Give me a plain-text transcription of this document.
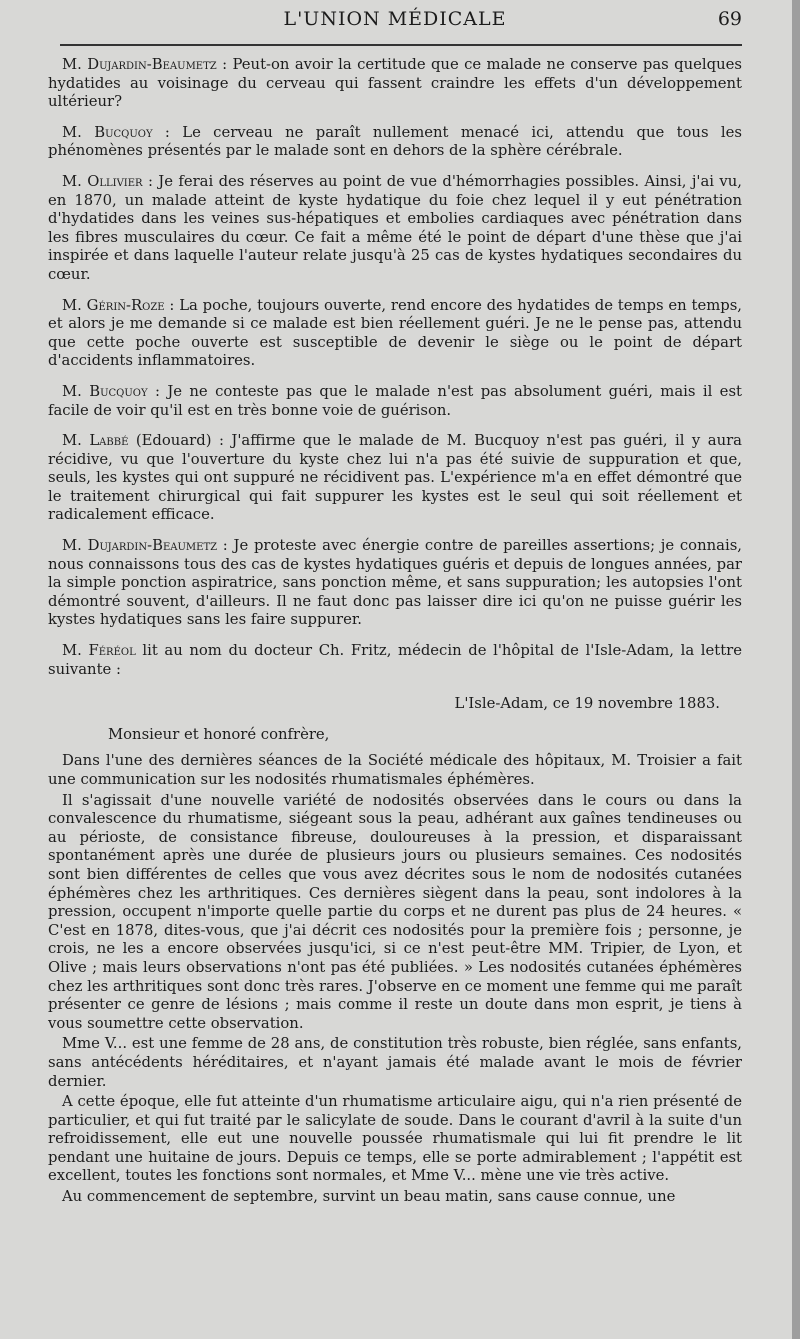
L'UNION MÉDICALE	69

M. Dujardin-Beaumetz : Peut-on avoir la certitude que ce malade ne conserve pas quelques hydatides au voisinage du cerveau qui fassent craindre les effets d'un développement ultérieur?

M. Bucquoy : Le cerveau ne paraît nullement menacé ici, attendu que tous les phénomènes présentés par le malade sont en dehors de la sphère cérébrale.

M. Ollivier : Je ferai des réserves au point de vue d'hémorrhagies possibles. Ainsi, j'ai vu, en 1870, un malade atteint de kyste hydatique du foie chez lequel il y eut pénétration d'hydatides dans les veines sus-hépatiques et embolies cardiaques avec pénétration dans les fibres musculaires du cœur. Ce fait a même été le point de départ d'une thèse que j'ai inspirée et dans laquelle l'auteur relate jusqu'à 25 cas de kystes hydatiques secondaires du cœur.

M. Gérin-Roze : La poche, toujours ouverte, rend encore des hydatides de temps en temps, et alors je me demande si ce malade est bien réellement guéri. Je ne le pense pas, attendu que cette poche ouverte est susceptible de devenir le siège ou le point de départ d'accidents inflammatoires.

M. Bucquoy : Je ne conteste pas que le malade n'est pas absolument guéri, mais il est facile de voir qu'il est en très bonne voie de guérison.

M. Labbé (Edouard) : J'affirme que le malade de M. Bucquoy n'est pas guéri, il y aura récidive, vu que l'ouverture du kyste chez lui n'a pas été suivie de suppuration et que, seuls, les kystes qui ont suppuré ne récidivent pas. L'expérience m'a en effet démontré que le traitement chirurgical qui fait suppurer les kystes est le seul qui soit réellement et radicalement efficace.

M. Dujardin-Beaumetz : Je proteste avec énergie contre de pareilles assertions; je connais, nous connaissons tous des cas de kystes hydatiques guéris et depuis de longues années, par la simple ponction aspiratrice, sans ponction même, et sans suppuration; les autopsies l'ont démontré souvent, d'ailleurs. Il ne faut donc pas laisser dire ici qu'on ne puisse guérir les kystes hydatiques sans les faire suppurer.

M. Féréol lit au nom du docteur Ch. Fritz, médecin de l'hôpital de l'Isle-Adam, la lettre suivante :

L'Isle-Adam, ce 19 novembre 1883.

Monsieur et honoré confrère,

Dans l'une des dernières séances de la Société médicale des hôpitaux, M. Troisier a fait une communication sur les nodosités rhumatismales éphémères.

Il s'agissait d'une nouvelle variété de nodosités observées dans le cours ou dans la convalescence du rhumatisme, siégeant sous la peau, adhérant aux gaînes tendineuses ou au périoste, de consistance fibreuse, douloureuses à la pression, et disparaissant spontanément après une durée de plusieurs jours ou plusieurs semaines. Ces nodosités sont bien différentes de celles que vous avez décrites sous le nom de nodosités cutanées éphémères chez les arthritiques. Ces dernières siègent dans la peau, sont indolores à la pression, occupent n'importe quelle partie du corps et ne durent pas plus de 24 heures. « C'est en 1878, dites-vous, que j'ai décrit ces nodosités pour la première fois ; personne, je crois, ne les a encore observées jusqu'ici, si ce n'est peut-être MM. Tripier, de Lyon, et Olive ; mais leurs observations n'ont pas été publiées. » Les nodosités cutanées éphémères chez les arthritiques sont donc très rares. J'observe en ce moment une femme qui me paraît présenter ce genre de lésions ; mais comme il reste un doute dans mon esprit, je tiens à vous soumettre cette observation.

Mme V... est une femme de 28 ans, de constitution très robuste, bien réglée, sans enfants, sans antécédents héréditaires, et n'ayant jamais été malade avant le mois de février dernier.

A cette époque, elle fut atteinte d'un rhumatisme articulaire aigu, qui n'a rien présenté de particulier, et qui fut traité par le salicylate de soude. Dans le courant d'avril à la suite d'un refroidissement, elle eut une nouvelle poussée rhumatismale qui lui fit prendre le lit pendant une huitaine de jours. Depuis ce temps, elle se porte admirablement ; l'appétit est excellent, toutes les fonctions sont normales, et Mme V... mène une vie très active.

Au commencement de septembre, survint un beau matin, sans cause connue, une
